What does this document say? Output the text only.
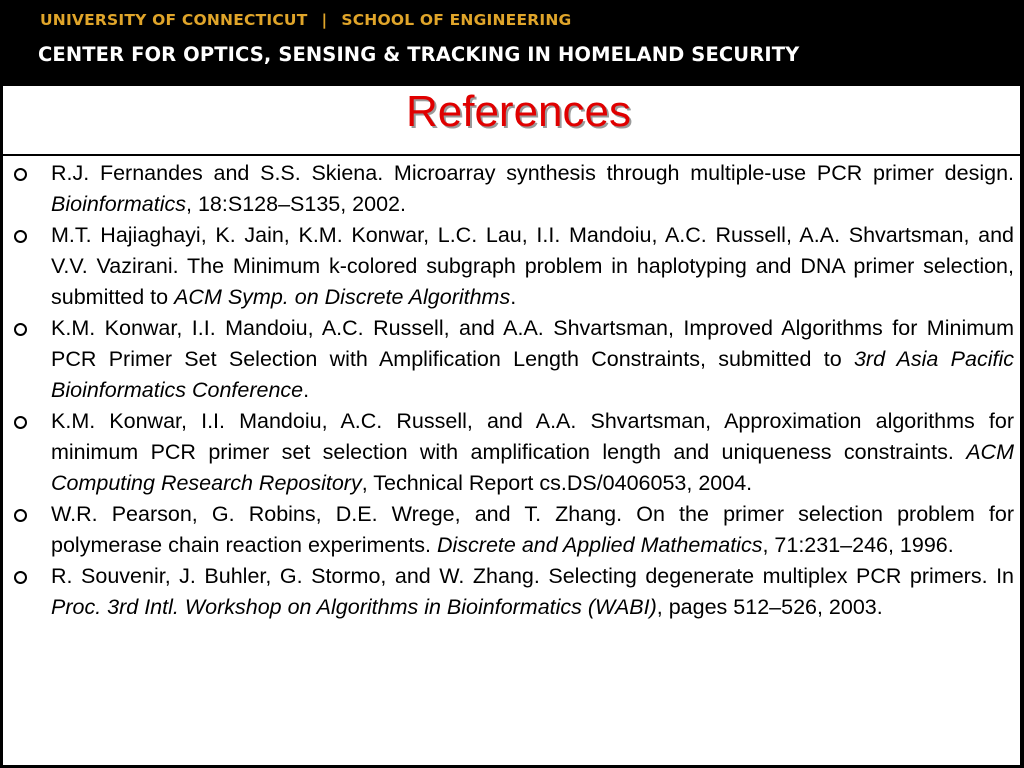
UNIVERSITY OF CONNECTICUT | SCHOOL OF ENGINEERING
CENTER FOR OPTICS, SENSING & TRACKING IN HOMELAND SECURITY
References
R.J. Fernandes and S.S. Skiena. Microarray synthesis through multiple-use PCR primer design. Bioinformatics, 18:S128–S135, 2002.
M.T. Hajiaghayi, K. Jain, K.M. Konwar, L.C. Lau, I.I. Mandoiu, A.C. Russell, A.A. Shvartsman, and V.V. Vazirani. The Minimum k-colored subgraph problem in haplotyping and DNA primer selection, submitted to ACM Symp. on Discrete Algorithms.
K.M. Konwar, I.I. Mandoiu, A.C. Russell, and A.A. Shvartsman, Improved Algorithms for Minimum PCR Primer Set Selection with Amplification Length Constraints, submitted to 3rd Asia Pacific Bioinformatics Conference.
K.M. Konwar, I.I. Mandoiu, A.C. Russell, and A.A. Shvartsman, Approximation algorithms for minimum PCR primer set selection with amplification length and uniqueness constraints. ACM Computing Research Repository, Technical Report cs.DS/0406053, 2004.
W.R. Pearson, G. Robins, D.E. Wrege, and T. Zhang. On the primer selection problem for polymerase chain reaction experiments. Discrete and Applied Mathematics, 71:231–246, 1996.
R. Souvenir, J. Buhler, G. Stormo, and W. Zhang. Selecting degenerate multiplex PCR primers. In Proc. 3rd Intl. Workshop on Algorithms in Bioinformatics (WABI), pages 512–526, 2003.
